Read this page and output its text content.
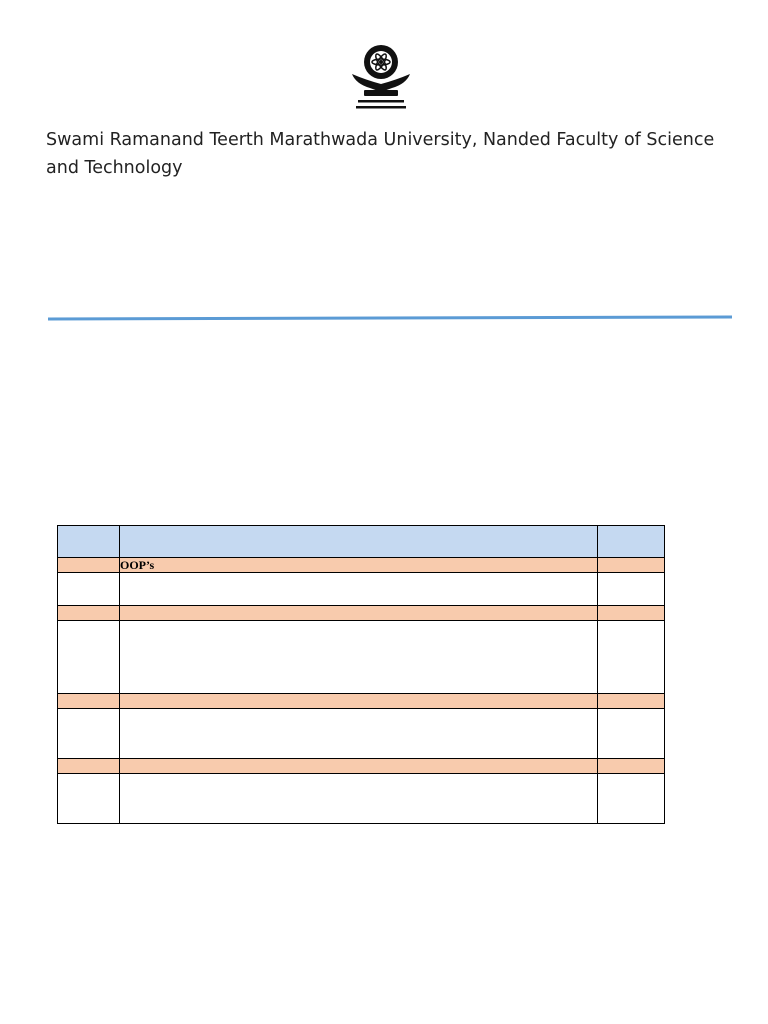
Swami Ramanand Teerth Marathwada University, Nanded Faculty of Science and Technology

	OOP’s	
